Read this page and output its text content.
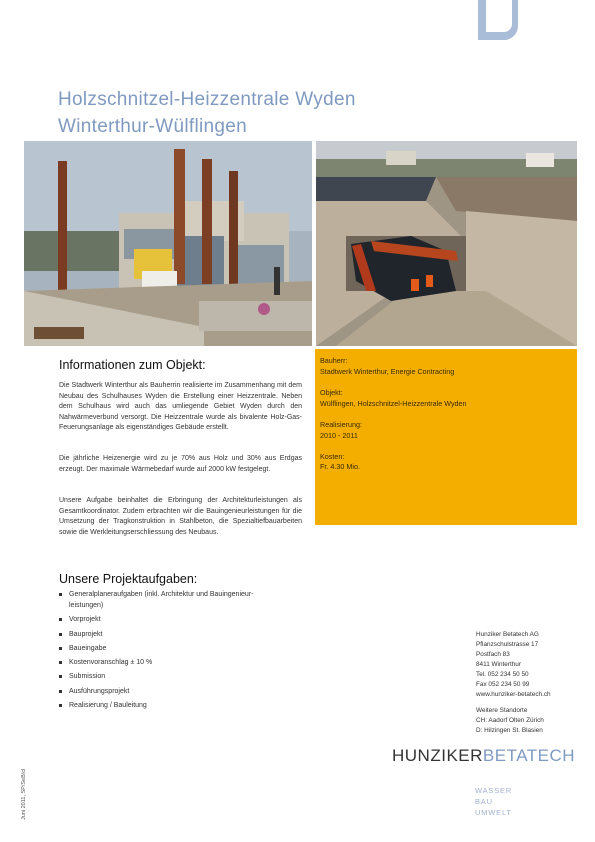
Holzschnitzel-Heizzentrale Wyden
Winterthur-Wülflingen
Bauherr:
Stadtwerk Winterthur, Energie Contracting
Objekt:
Wülflingen, Holzschnitzel-Heizzentrale Wyden
Realisierung:
2010 - 2011
Kosten:
Fr. 4.30 Mio.
Informationen zum Objekt:
Die Stadtwerk Winterthur als Bauherrin realisierte im Zusammenhang mit dem Neubau des Schulhauses Wyden die Erstellung einer Heizzentrale. Neben dem Schulhaus wird auch das umliegende Gebiet Wyden durch den Nahwärmeverbund versorgt. Die Heizzentrale wurde als bivalente Holz-Gas-Feuerungsanlage als eigenständiges Gebäude erstellt.
Die jährliche Heizenergie wird zu je 70% aus Holz und 30% aus Erdgas erzeugt. Der maximale Wärmebedarf wurde auf 2000 kW festgelegt.
Unsere Aufgabe beinhaltet die Erbringung der Architekturleistungen als Gesamtkoordinator. Zudem erbrachten wir die Bauingenieurleistungen für die Umsetzung der Tragkonstruktion in Stahlbeton, die Spezialtiefbauarbeiten sowie die Werkleitungserschliessung des Neubaus.
Unsere Projektaufgaben:
Generalplaneraufgaben (inkl. Architektur und Bauingenieur-
leistungen)
Vorprojekt
Bauprojekt
Baueingabe
Kostenvoranschlag ± 10 %
Submission
Ausführungsprojekt
Realisierung / Bauleitung
Hunziker Betatech AG
Pflanzschulstrasse 17
Postfach 83
8411 Winterthur
Tel. 052 234 50 50
Fax 052 234 50 99
www.hunziker-betatech.ch
Weitere Standorte
CH: Aadorf Olten Zürich
D: Hilzingen St. Blasien
HUNZIKERBETATECH
WASSER
BAU
UMWELT
Juni 2011, SP/SeB/cl
